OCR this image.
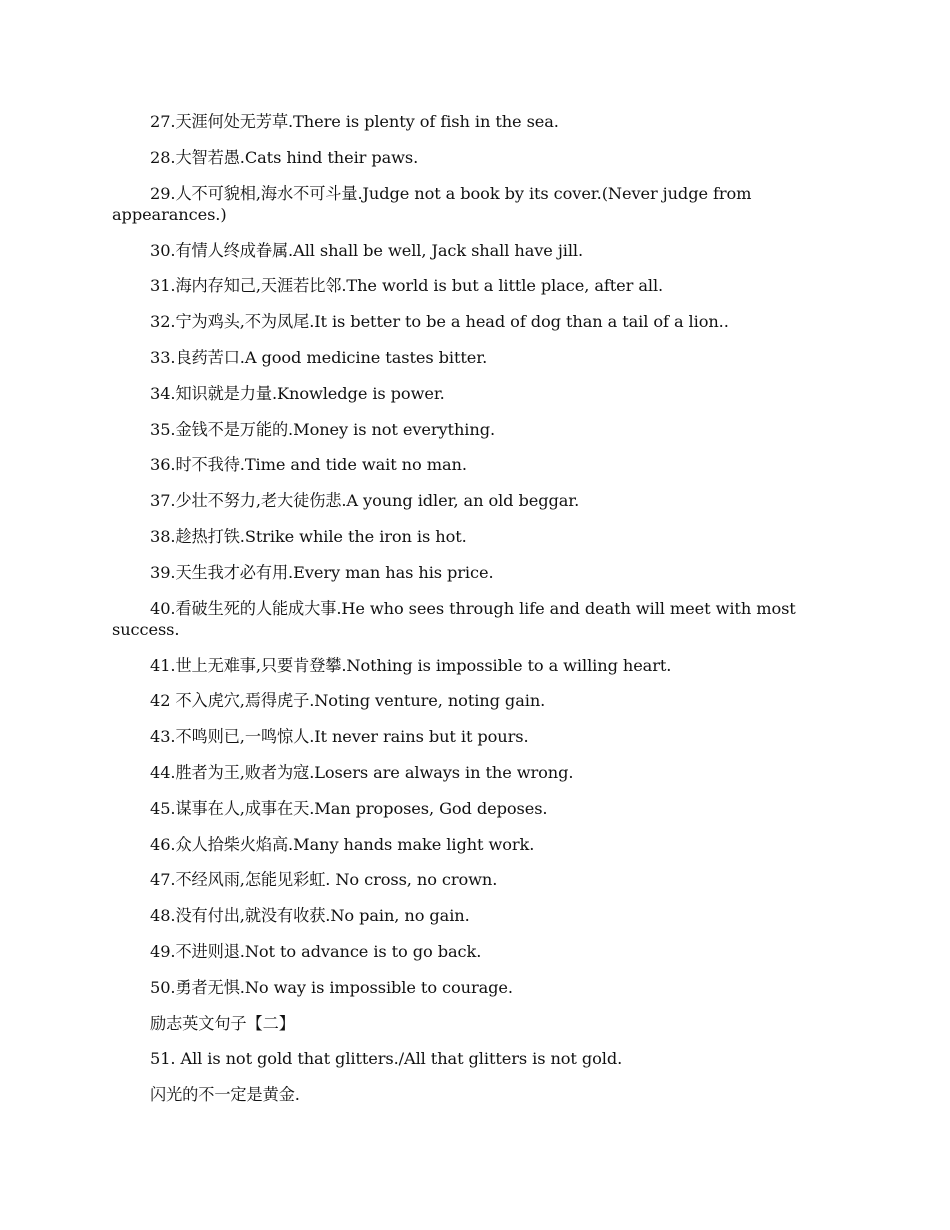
27.天涯何处无芳草.There is plenty of fish in the sea.

28.大智若愚.Cats hind their paws.

29.人不可貌相,海水不可斗量.Judge not a book by its cover.(Never judge from appearances.)

30.有情人终成眷属.All shall be well, Jack shall have jill.

31.海内存知己,天涯若比邻.The world is but a little place, after all.

32.宁为鸡头,不为凤尾.It is better to be a head of dog than a tail of a lion..

33.良药苦口.A good medicine tastes bitter.

34.知识就是力量.Knowledge is power.

35.金钱不是万能的.Money is not everything.

36.时不我待.Time and tide wait no man.

37.少壮不努力,老大徒伤悲.A young idler, an old beggar.

38.趁热打铁.Strike while the iron is hot.

39.天生我才必有用.Every man has his price.

40.看破生死的人能成大事.He who sees through life and death will meet with most success.

41.世上无难事,只要肯登攀.Nothing is impossible to a willing heart.

42 不入虎穴,焉得虎子.Noting venture, noting gain.

43.不鸣则已,一鸣惊人.It never rains but it pours.

44.胜者为王,败者为寇.Losers are always in the wrong.

45.谋事在人,成事在天.Man proposes, God deposes.

46.众人拾柴火焰高.Many hands make light work.

47.不经风雨,怎能见彩虹. No cross, no crown.

48.没有付出,就没有收获.No pain, no gain.

49.不进则退.Not to advance is to go back.

50.勇者无惧.No way is impossible to courage.

励志英文句子【二】

51. All is not gold that glitters./All that glitters is not gold.

闪光的不一定是黄金.
